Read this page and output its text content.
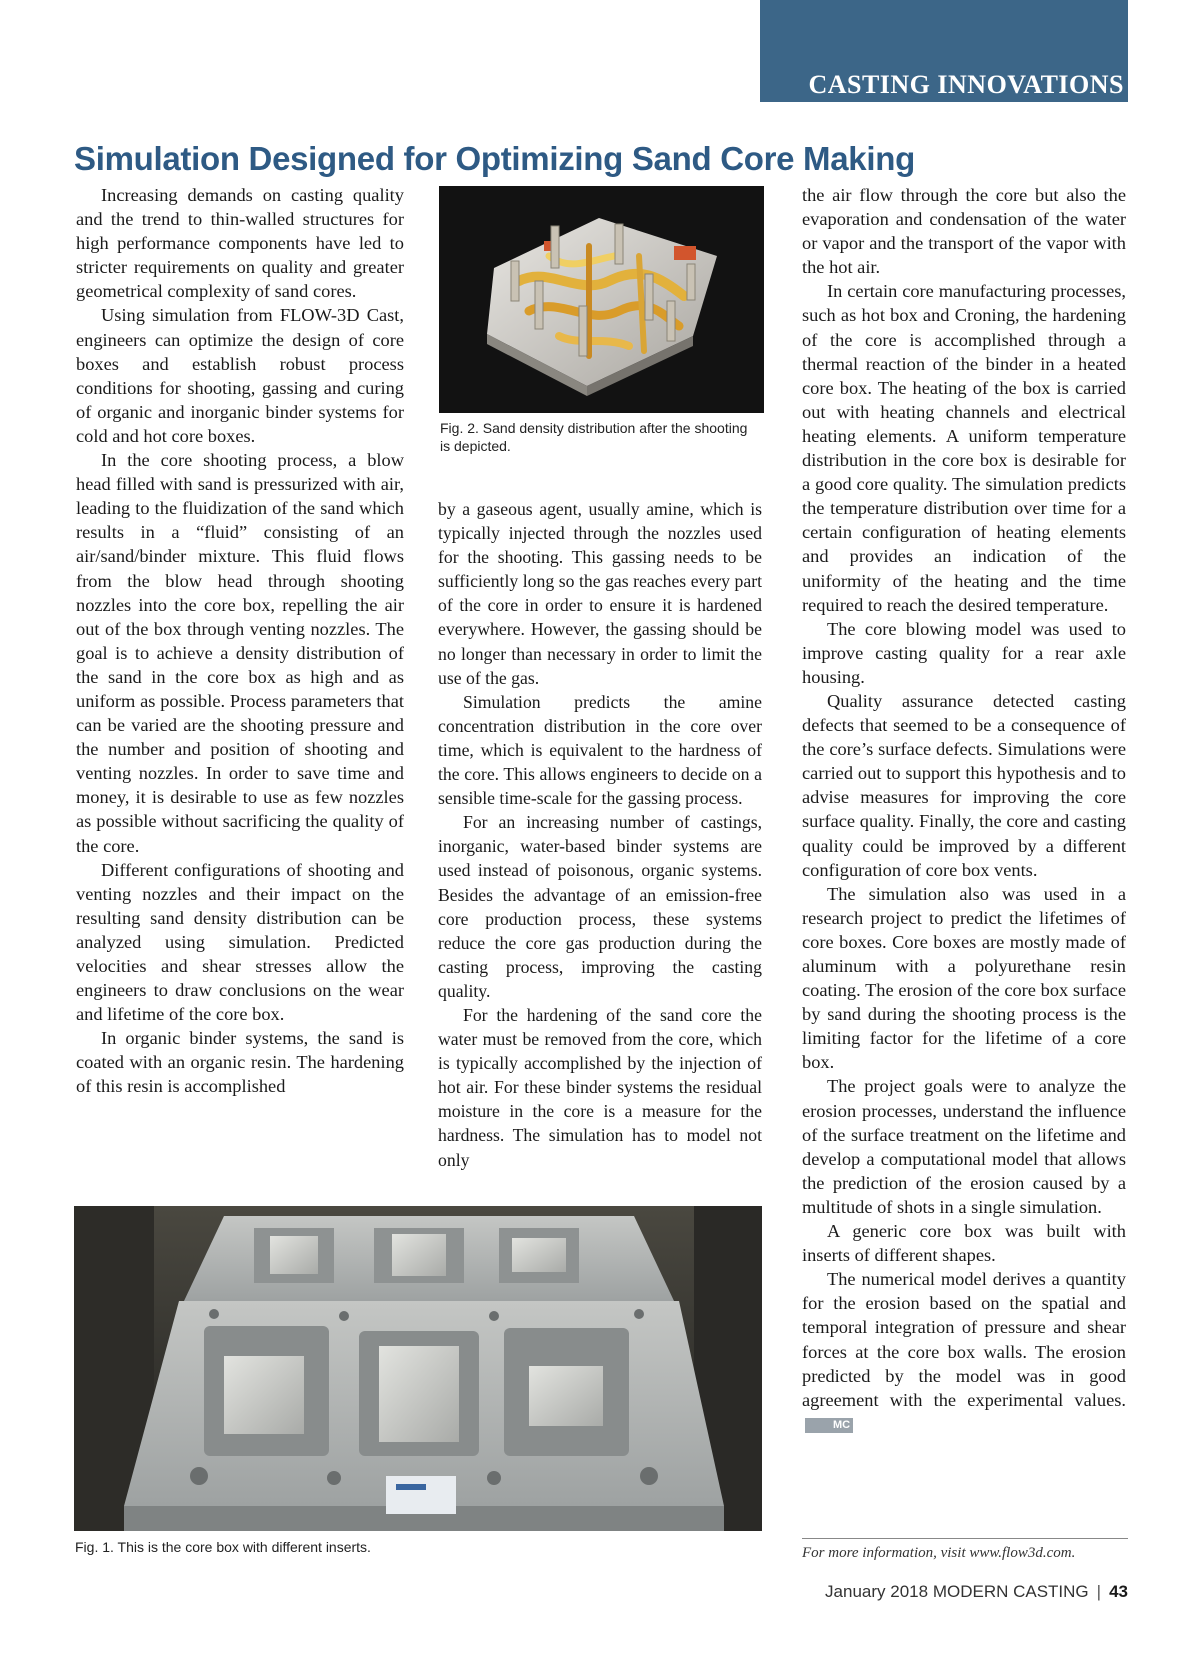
CASTING INNOVATIONS
Simulation Designed for Optimizing Sand Core Making

Increasing demands on casting quality and the trend to thin-walled structures for high performance components have led to stricter requirements on quality and greater geometrical complexity of sand cores.

Using simulation from FLOW-3D Cast, engineers can optimize the design of core boxes and establish robust process conditions for shooting, gassing and curing of organic and inorganic binder systems for cold and hot core boxes.

In the core shooting process, a blow head filled with sand is pressurized with air, leading to the fluidization of the sand which results in a “fluid” consisting of an air/sand/binder mixture. This fluid flows from the blow head through shooting nozzles into the core box, repelling the air out of the box through venting nozzles. The goal is to achieve a density distribution of the sand in the core box as high and as uniform as possible. Process parameters that can be varied are the shooting pressure and the number and position of shooting and venting nozzles. In order to save time and money, it is desirable to use as few nozzles as possible without sacrificing the quality of the core.

Different configurations of shooting and venting nozzles and their impact on the resulting sand density distribution can be analyzed using simulation. Predicted velocities and shear stresses allow the engineers to draw conclusions on the wear and lifetime of the core box.

In organic binder systems, the sand is coated with an organic resin. The hardening of this resin is accomplished

Fig. 2. Sand density distribution after the shooting is depicted.

by a gaseous agent, usually amine, which is typically injected through the nozzles used for the shooting. This gassing needs to be sufficiently long so the gas reaches every part of the core in order to ensure it is hardened everywhere. However, the gassing should be no longer than necessary in order to limit the use of the gas.

Simulation predicts the amine concentration distribution in the core over time, which is equivalent to the hardness of the core. This allows engineers to decide on a sensible time-scale for the gassing process.

For an increasing number of castings, inorganic, water-based binder systems are used instead of poisonous, organic systems. Besides the advantage of an emission-free core production process, these systems reduce the core gas production during the casting process, improving the casting quality.

For the hardening of the sand core the water must be removed from the core, which is typically accomplished by the injection of hot air. For these binder systems the residual moisture in the core is a measure for the hardness. The simulation has to model not only

the air flow through the core but also the evaporation and condensation of the water or vapor and the transport of the vapor with the hot air.

In certain core manufacturing processes, such as hot box and Croning, the hardening of the core is accomplished through a thermal reaction of the binder in a heated core box. The heating of the box is carried out with heating channels and electrical heating elements. A uniform temperature distribution in the core box is desirable for a good core quality. The simulation predicts the temperature distribution over time for a certain configuration of heating elements and provides an indication of the uniformity of the heating and the time required to reach the desired temperature.

The core blowing model was used to improve casting quality for a rear axle housing.

Quality assurance detected casting defects that seemed to be a consequence of the core’s surface defects. Simulations were carried out to support this hypothesis and to advise measures for improving the core surface quality. Finally, the core and casting quality could be improved by a different configuration of core box vents.

The simulation also was used in a research project to predict the lifetimes of core boxes. Core boxes are mostly made of aluminum with a polyurethane resin coating. The erosion of the core box surface by sand during the shooting process is the limiting factor for the lifetime of a core box.

The project goals were to analyze the erosion processes, understand the influence of the surface treatment on the lifetime and develop a computational model that allows the prediction of the erosion caused by a multitude of shots in a single simulation.

A generic core box was built with inserts of different shapes.

The numerical model derives a quantity for the erosion based on the spatial and temporal integration of pressure and shear forces at the core box walls. The erosion predicted by the model was in good agreement with the experimental values.MC

Fig. 1. This is the core box with different inserts.	For more information, visit www.flow3d.com.
January 2018 MODERN CASTING | 43
